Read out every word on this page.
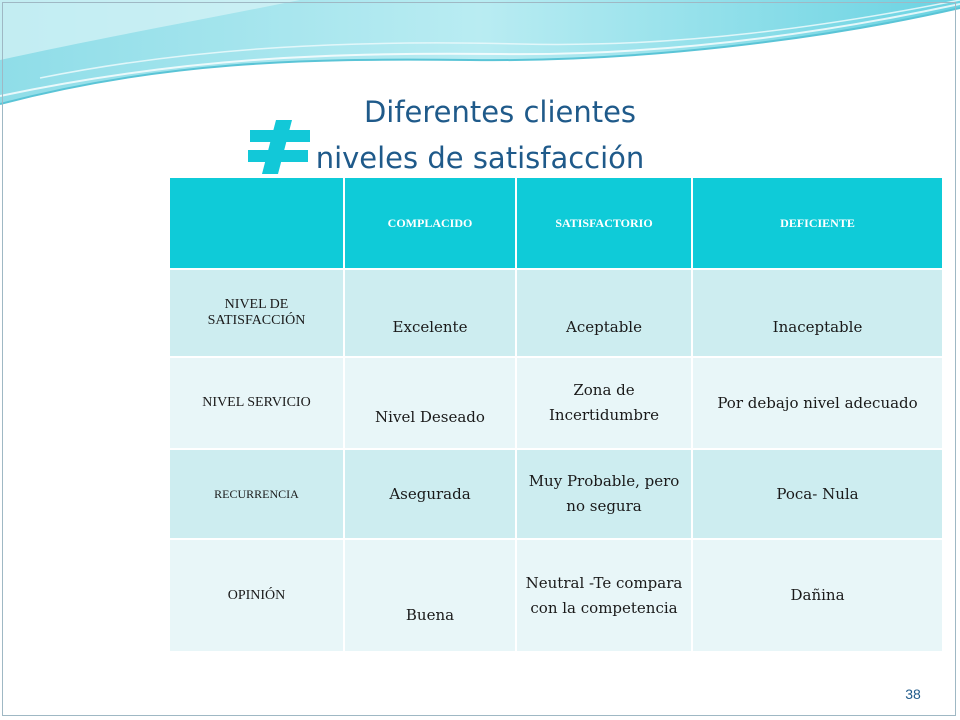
Diferentes clientes
niveles de satisfacción
	COMPLACIDO	SATISFACTORIO	DEFICIENTE
NIVEL DE SATISFACCIÓN	Excelente	Aceptable	Inaceptable
NIVEL SERVICIO	Nivel Deseado	Zona de Incertidumbre	Por debajo nivel adecuado
RECURRENCIA	Asegurada	Muy Probable, pero no segura	Poca- Nula
OPINIÓN	Buena	Neutral -Te compara con la competencia	Dañina
38
